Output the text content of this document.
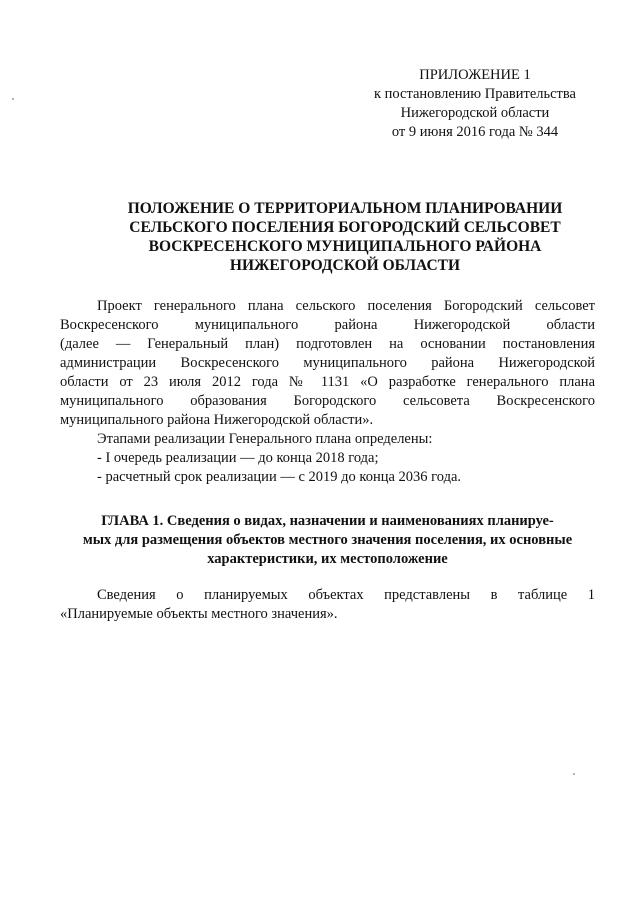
ПРИЛОЖЕНИЕ 1
к постановлению Правительства
Нижегородской области
от 9 июня 2016 года № 344
ПОЛОЖЕНИЕ О ТЕРРИТОРИАЛЬНОМ ПЛАНИРОВАНИИ
СЕЛЬСКОГО ПОСЕЛЕНИЯ БОГОРОДСКИЙ СЕЛЬСОВЕТ
ВОСКРЕСЕНСКОГО МУНИЦИПАЛЬНОГО РАЙОНА
НИЖЕГОРОДСКОЙ ОБЛАСТИ
Проект генерального плана сельского поселения Богородский сельсовет
Воскресенского муниципального района Нижегородской области
(далее — Генеральный план) подготовлен на основании постановления
администрации Воскресенского муниципального района Нижегородской
области от 23 июля 2012 года № 1131 «О разработке генерального плана
муниципального образования Богородского сельсовета Воскресенского
муниципального района Нижегородской области».
Этапами реализации Генерального плана определены:
- I очередь реализации — до конца 2018 года;
- расчетный срок реализации — с 2019 до конца 2036 года.
ГЛАВА 1. Сведения о видах, назначении и наименованиях планируе-
мых для размещения объектов местного значения поселения, их основные
характеристики, их местоположение
Сведения о планируемых объектах представлены в таблице 1
«Планируемые объекты местного значения».
